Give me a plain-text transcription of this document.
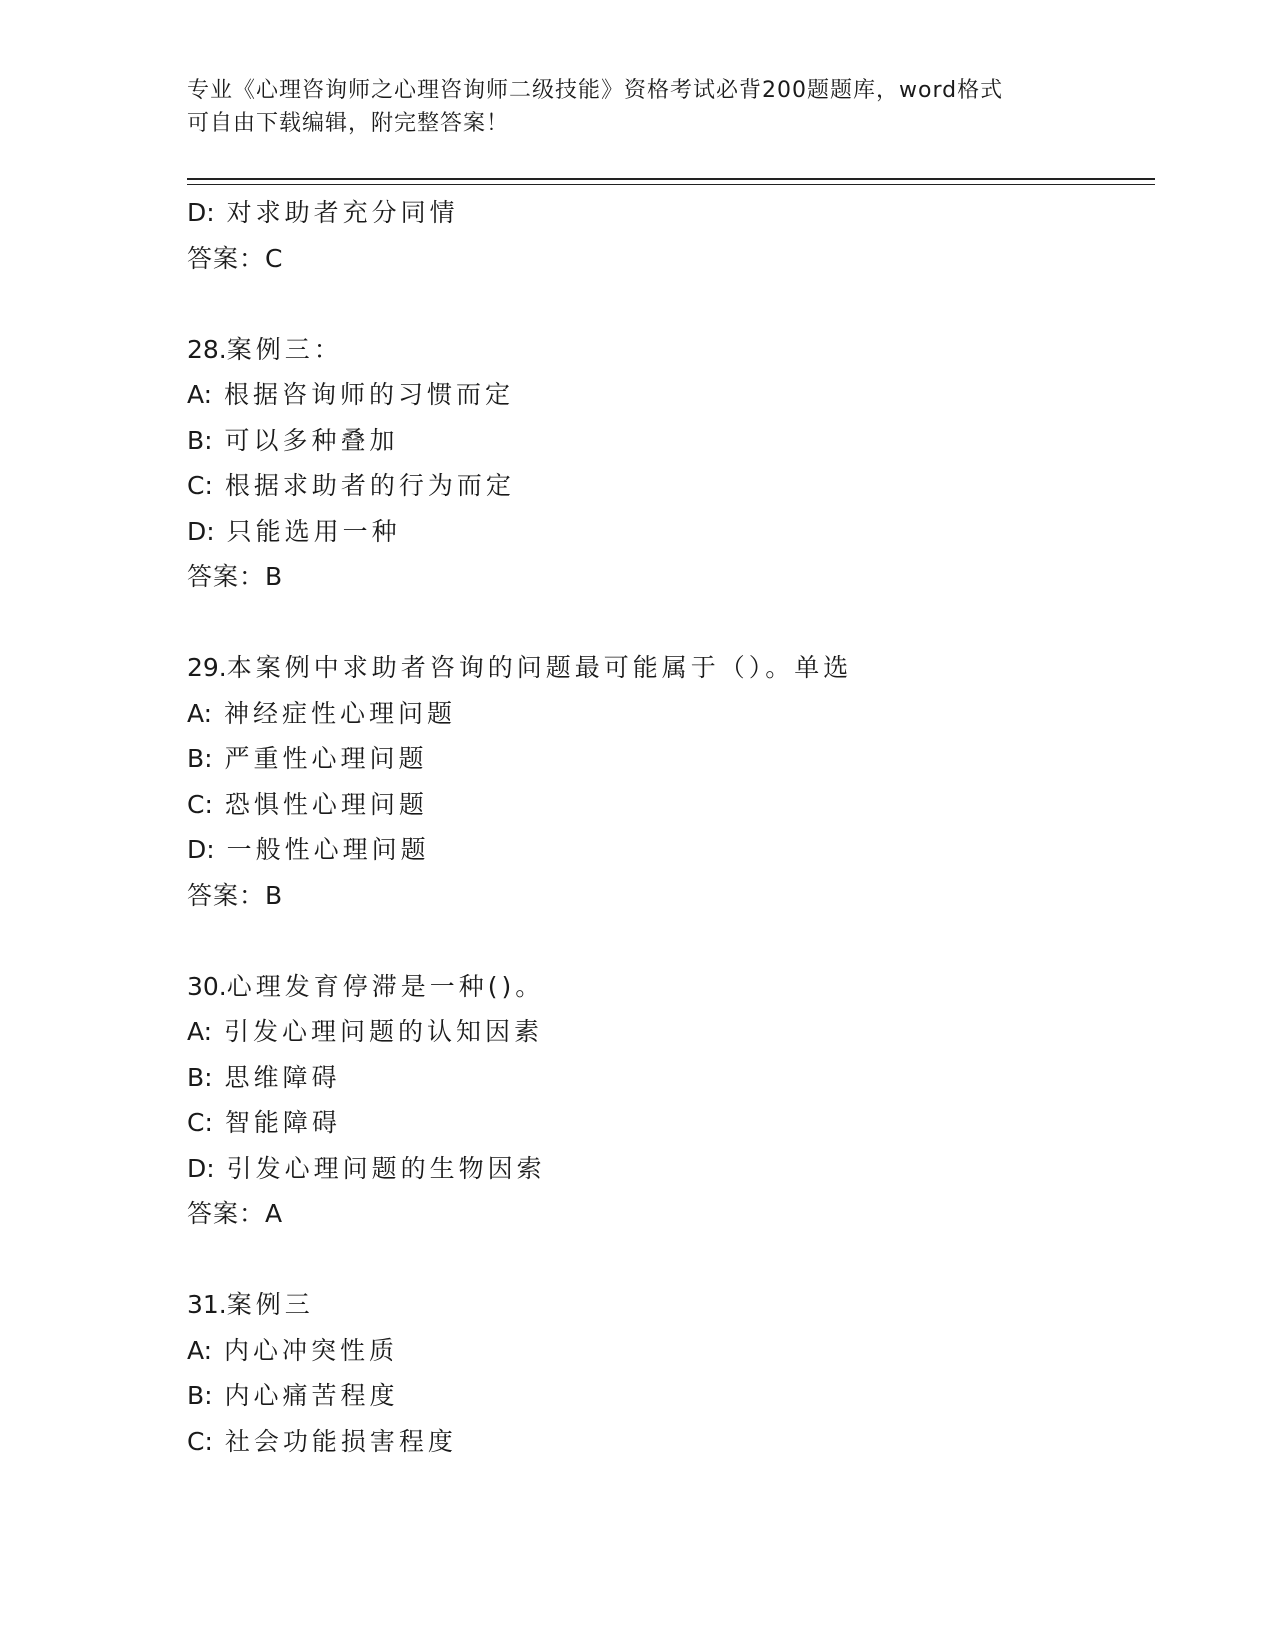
专业《心理咨询师之心理咨询师二级技能》资格考试必背200题题库，word格式
可自由下载编辑，附完整答案！
D: 对求助者充分同情
答案：C
28.案例三：
A: 根据咨询师的习惯而定
B: 可以多种叠加
C: 根据求助者的行为而定
D: 只能选用一种
答案：B
29.本案例中求助者咨询的问题最可能属于（）。单选
A: 神经症性心理问题
B: 严重性心理问题
C: 恐惧性心理问题
D: 一般性心理问题
答案：B
30.心理发育停滞是一种()。
A: 引发心理问题的认知因素
B: 思维障碍
C: 智能障碍
D: 引发心理问题的生物因索
答案：A
31.案例三
A: 内心冲突性质
B: 内心痛苦程度
C: 社会功能损害程度
